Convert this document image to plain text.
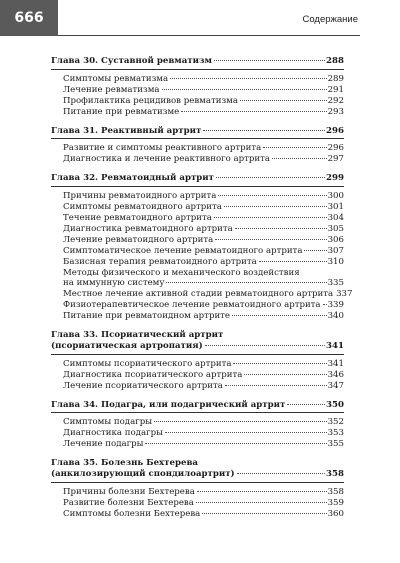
666	Содержание
Глава 30. Суставной ревматизм	288
Симптомы ревматизма	289
Лечение ревматизма	291
Профилактика рецидивов ревматизма	292
Питание при ревматизме	293
Глава 31. Реактивный артрит	296
Развитие и симптомы реактивного артрита	296
Диагностика и лечение реактивного артрита	297
Глава 32. Ревматоидный артрит	299
Причины ревматоидного артрита	300
Симптомы ревматоидного артрита	301
Течение ревматоидного артрита	304
Диагностика ревматоидного артрита	305
Лечение ревматоидного артрита	306
Симптоматическое лечение ревматоидного артрита	307
Базисная терапия ревматоидного артрита	310
Методы физического и механического воздействия
на иммунную систему	335
Местное лечение активной стадии ревматоидного артрита 337
Физиотерапевтическое лечение ревматоидного артрита 339
Питание при ревматоидном артрите	340
Глава 33. Псориатический артрит
(псориатическая артропатия)	341
Симптомы псориатического артрита	341
Диагностика псориатического артрита	346
Лечение псориатического артрита	347
Глава 34. Подагра, или подагрический артрит	350
Симптомы подагры	352
Диагностика подагры	353
Лечение подагры	355
Глава 35. Болезнь Бехтерева
(анкилозирующий спондилоартрит)	358
Причины болезни Бехтерева	358
Развитие болезни Бехтерева	359
Симптомы болезни Бехтерева	360
